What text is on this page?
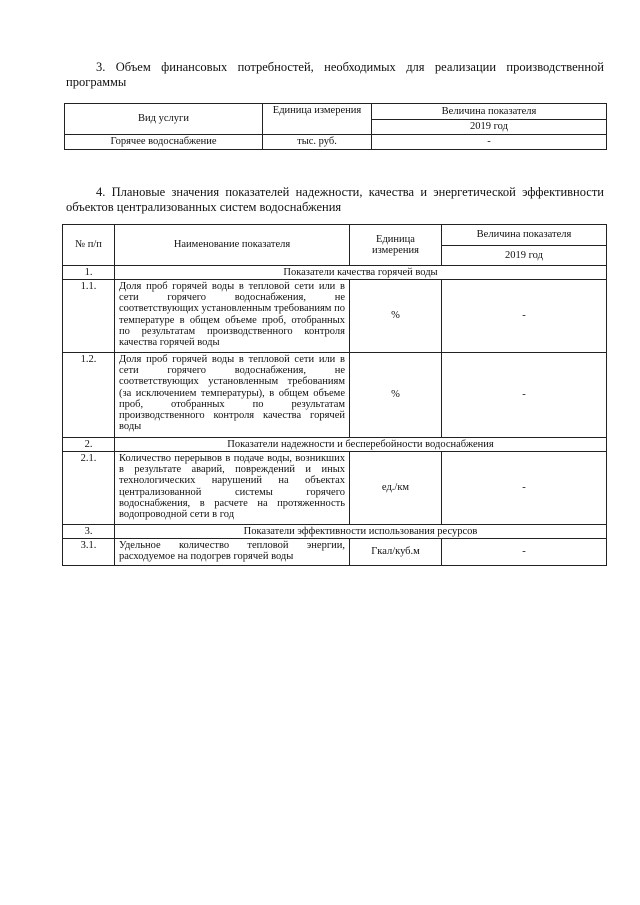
3. Объем финансовых потребностей, необходимых для реализации производственной программы
Вид услуги	Единица измерения	Величина показателя
		2019 год
Горячее водоснабжение	тыс. руб.	-
4. Плановые значения показателей надежности, качества и энергетической эффективности объектов централизованных систем водоснабжения
№ п/п	Наименование показателя	Единица измерения	Величина показателя
			2019 год
1.	Показатели качества горячей воды		
1.1.	Доля проб горячей воды в тепловой сети или в сети горячего водоснабжения, не соответствующих установленным требованиям по температуре в общем объеме проб, отобранных по результатам производственного контроля качества горячей воды	%	-
1.2.	Доля проб горячей воды в тепловой сети или в сети горячего водоснабжения, не соответствующих установленным требованиям (за исключением температуры), в общем объеме проб, отобранных по результатам производственного контроля качества горячей воды	%	-
2.	Показатели надежности и бесперебойности водоснабжения		
2.1.	Количество перерывов в подаче воды, возникших в результате аварий, повреждений и иных технологических нарушений на объектах централизованной системы горячего водоснабжения, в расчете на протяженность водопроводной сети в год	ед./км	-
3.	Показатели эффективности использования ресурсов		
3.1.	Удельное количество тепловой энергии, расходуемое на подогрев горячей воды	Гкал/куб.м	-
